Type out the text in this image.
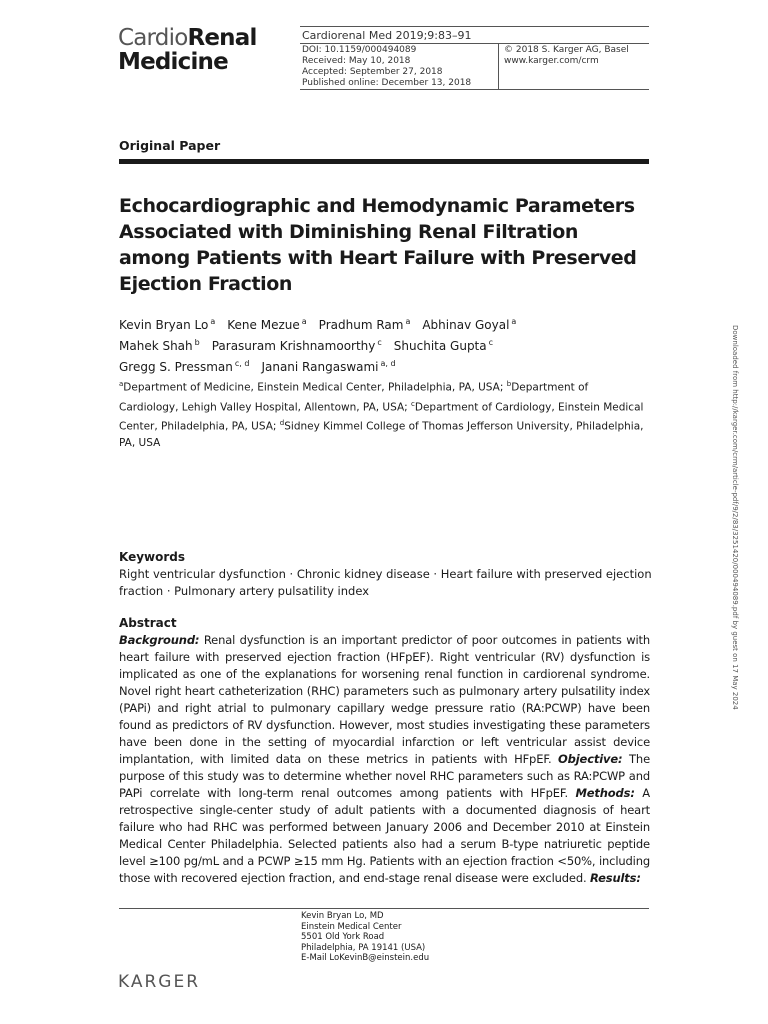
CardioRenal
Medicine
Cardiorenal Med 2019;9:83–91
DOI: 10.1159/000494089
Received: May 10, 2018
Accepted: September 27, 2018
Published online: December 13, 2018
© 2018 S. Karger AG, Basel
www.karger.com/crm
Original Paper
Echocardiographic and Hemodynamic Parameters Associated with Diminishing Renal Filtration among Patients with Heart Failure with Preserved Ejection Fraction
Kevin Bryan Lo $^a$ Kene Mezue $^a$ Pradhum Ram $^a$ Abhinav Goyal $^a$
Mahek Shah $^b$ Parasuram Krishnamoorthy $^c$ Shuchita Gupta $^c$
Gregg S. Pressman $^{c, d}$ Janani Rangaswami $^{a, d}$
$^a$Department of Medicine, Einstein Medical Center, Philadelphia, PA, USA; $^b$Department of Cardiology, Lehigh Valley Hospital, Allentown, PA, USA; $^c$Department of Cardiology, Einstein Medical Center, Philadelphia, PA, USA; $^d$Sidney Kimmel College of Thomas Jefferson University, Philadelphia, PA, USA
Keywords
Right ventricular dysfunction · Chronic kidney disease · Heart failure with preserved ejection fraction · Pulmonary artery pulsatility index
Abstract
Background: Renal dysfunction is an important predictor of poor outcomes in patients with heart failure with preserved ejection fraction (HFpEF). Right ventricular (RV) dysfunction is implicated as one of the explanations for worsening renal function in cardiorenal syndrome. Novel right heart catheterization (RHC) parameters such as pulmonary artery pulsatility index (PAPi) and right atrial to pulmonary capillary wedge pressure ratio (RA:PCWP) have been found as predictors of RV dysfunction. However, most studies investigating these parameters have been done in the setting of myocardial infarction or left ventricular assist device implantation, with limited data on these metrics in patients with HFpEF. Objective: The purpose of this study was to determine whether novel RHC parameters such as RA:PCWP and PAPi correlate with long-term renal outcomes among patients with HFpEF. Methods: A retrospective single-center study of adult patients with a documented diagnosis of heart failure who had RHC was performed between January 2006 and December 2010 at Einstein Medical Center Philadelphia. Selected patients also had a serum B-type natriuretic peptide level ≥100 pg/mL and a PCWP ≥15 mm Hg. Patients with an ejection fraction <50%, including those with recovered ejection fraction, and end-stage renal disease were excluded. Results:
Kevin Bryan Lo, MD
Einstein Medical Center
5501 Old York Road
Philadelphia, PA 19141 (USA)
E-Mail LoKevinB@einstein.edu
KARGER
Downloaded from http://karger.com/crm/article-pdf/9/2/83/3251420/000494089.pdf by guest on 17 May 2024
